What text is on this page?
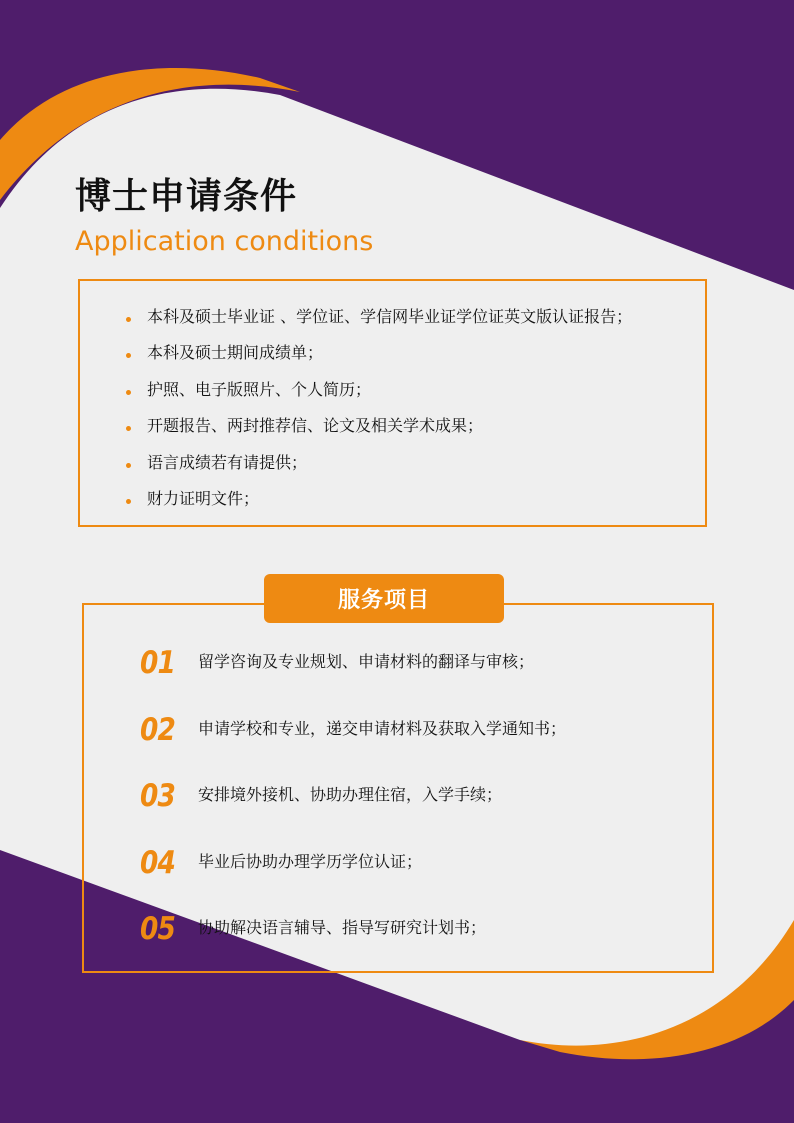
博士申请条件
Application conditions
本科及硕士毕业证 、学位证、学信网毕业证学位证英文版认证报告；
本科及硕士期间成绩单；
护照、电子版照片、个人简历；
开题报告、两封推荐信、论文及相关学术成果；
语言成绩若有请提供；
财力证明文件；
01	留学咨询及专业规划、申请材料的翻译与审核；
02	申请学校和专业，递交申请材料及获取入学通知书；
03	安排境外接机、协助办理住宿，入学手续；
04	毕业后协助办理学历学位认证；
05	协助解决语言辅导、指导写研究计划书；
服务项目
